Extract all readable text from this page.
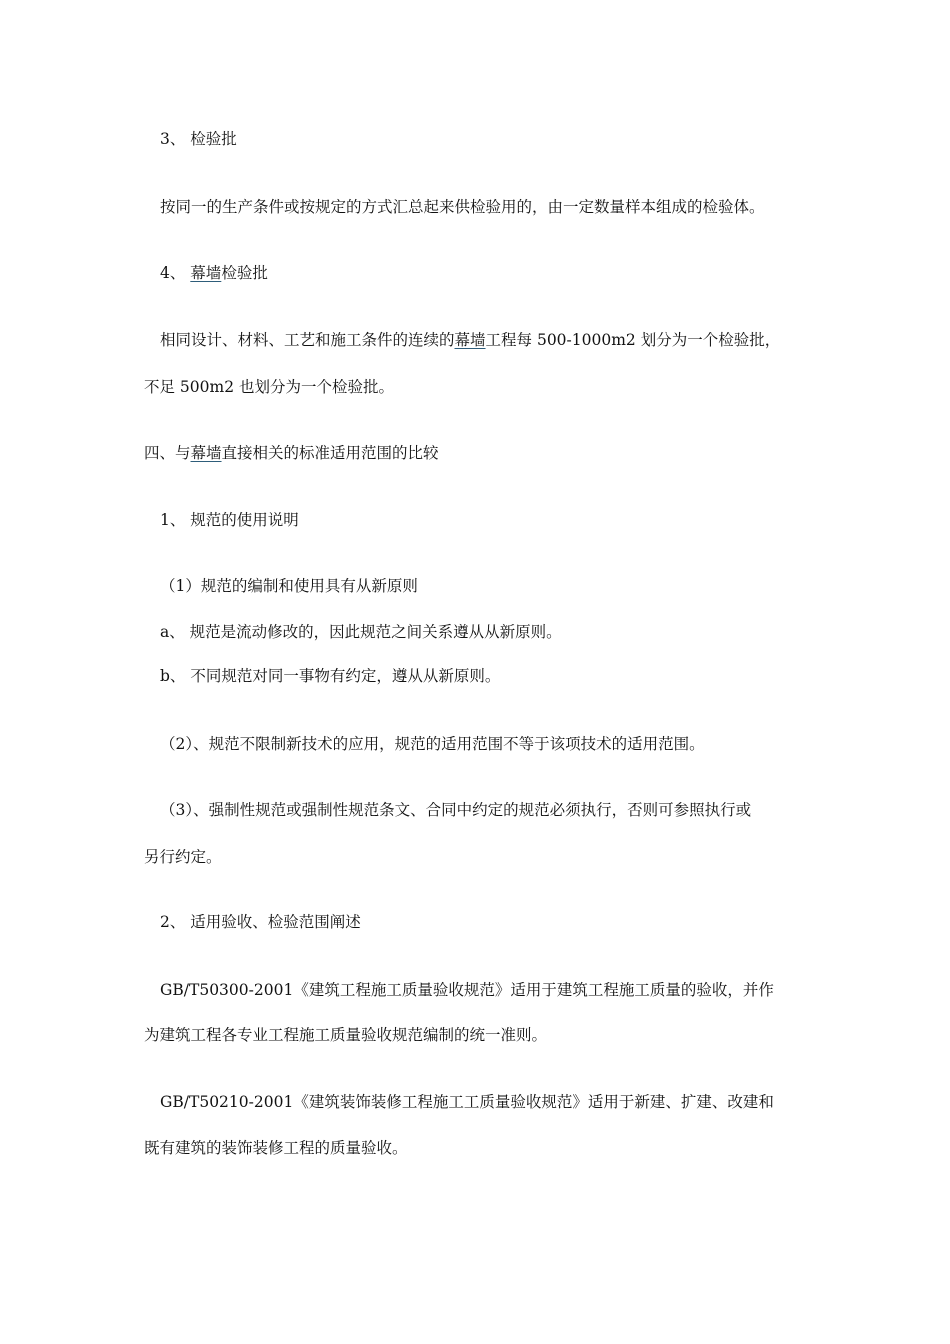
3、 检验批
按同一的生产条件或按规定的方式汇总起来供检验用的，由一定数量样本组成的检验体。
4、 幕墙检验批
相同设计、材料、工艺和施工条件的连续的幕墙工程每 500-1000m2 划分为一个检验批，
不足 500m2 也划分为一个检验批。
四、与幕墙直接相关的标准适用范围的比较
1、 规范的使用说明
（1）规范的编制和使用具有从新原则
a、 规范是流动修改的，因此规范之间关系遵从从新原则。
b、 不同规范对同一事物有约定，遵从从新原则。
（2）、规范不限制新技术的应用，规范的适用范围不等于该项技术的适用范围。
（3）、强制性规范或强制性规范条文、合同中约定的规范必须执行，否则可参照执行或
另行约定。
2、 适用验收、检验范围阐述
GB/T50300-2001《建筑工程施工质量验收规范》适用于建筑工程施工质量的验收，并作
为建筑工程各专业工程施工质量验收规范编制的统一准则。
GB/T50210-2001《建筑装饰装修工程施工工质量验收规范》适用于新建、扩建、改建和
既有建筑的装饰装修工程的质量验收。
